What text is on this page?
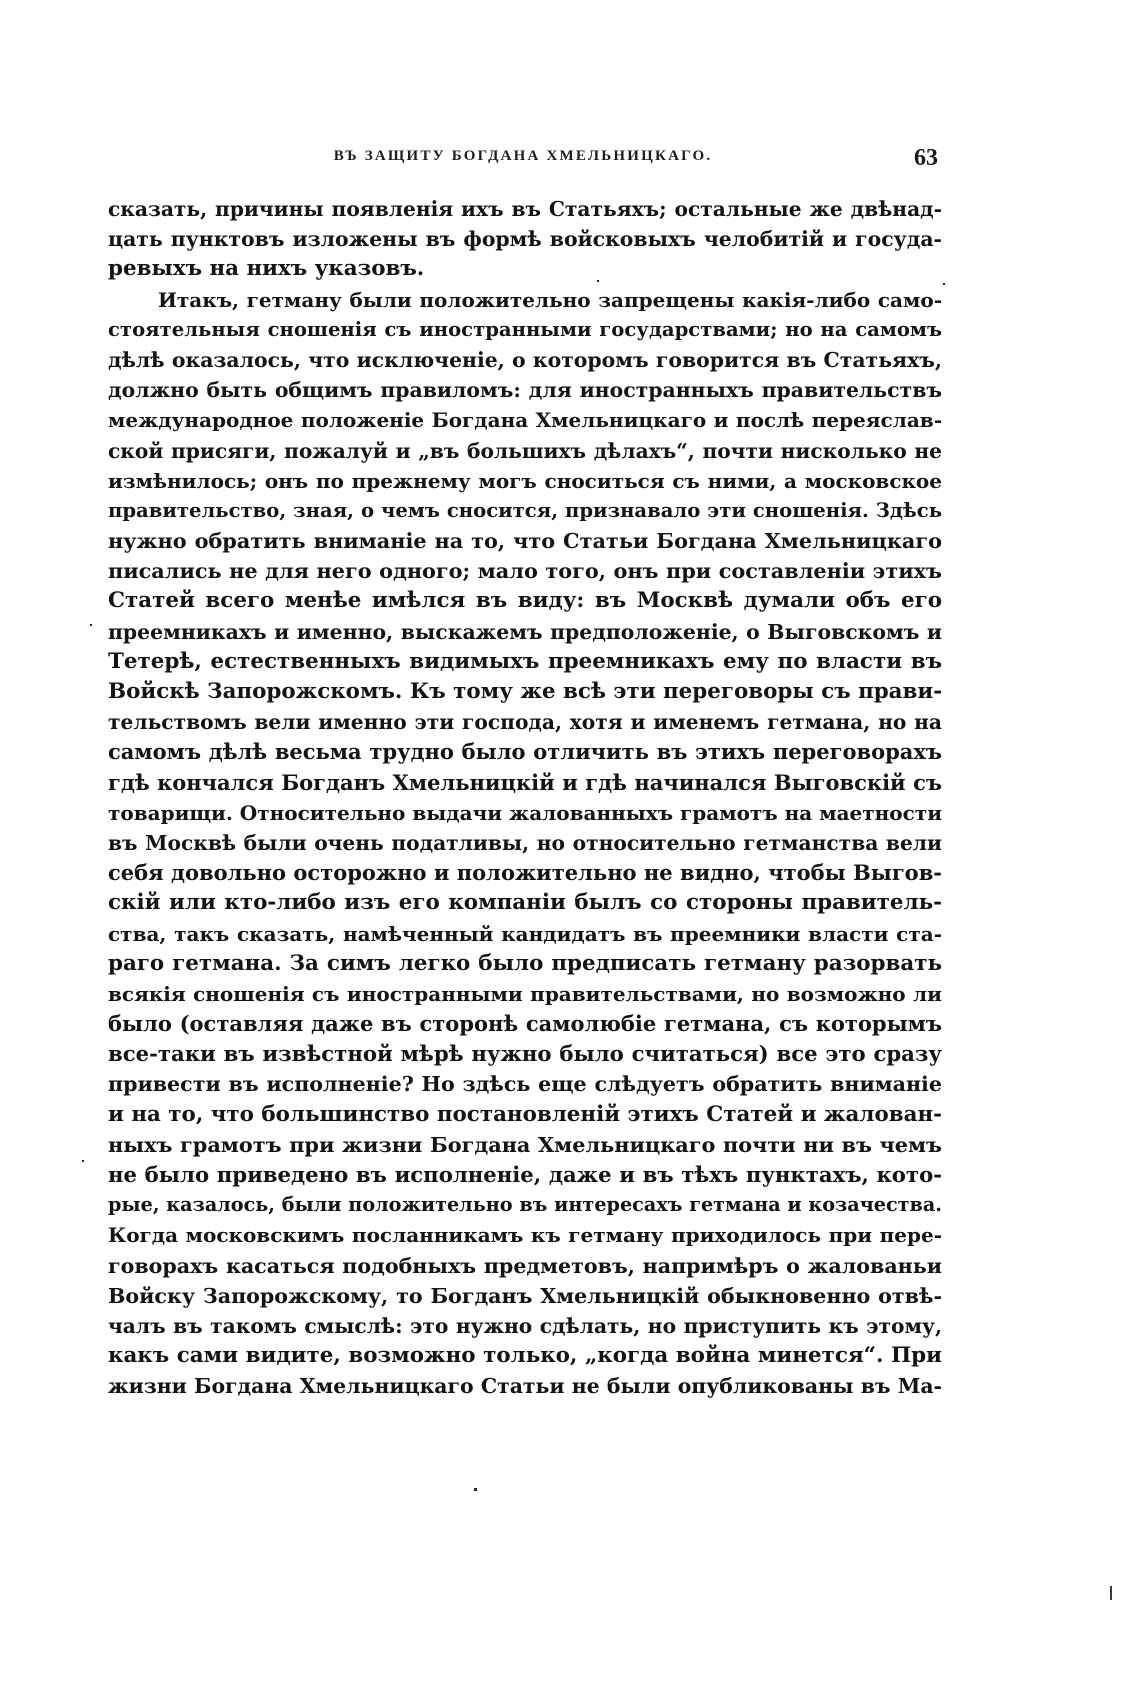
ВЪ ЗАЩИТУ БОГДАНА ХМЕЛЬНИЦКАГО.	63
сказать, причины появленія ихъ въ Статьяхъ; остальные же двѣнад-
цать пунктовъ изложены въ формѣ войсковыхъ челобитій и госуда-
ревыхъ на нихъ указовъ.
Итакъ, гетману были положительно запрещены какія-либо само-
стоятельныя сношенія съ иностранными государствами; но на самомъ
дѣлѣ оказалось, что исключеніе, о которомъ говорится въ Статьяхъ,
должно быть общимъ правиломъ: для иностранныхъ правительствъ
международное положеніе Богдана Хмельницкаго и послѣ переяслав-
ской присяги, пожалуй и „въ большихъ дѣлахъ“, почти нисколько не
измѣнилось; онъ по прежнему могъ сноситься съ ними, а московское
правительство, зная, о чемъ сносится, признавало эти сношенія. Здѣсь
нужно обратить вниманіе на то, что Статьи Богдана Хмельницкаго
писались не для него одного; мало того, онъ при составленіи этихъ
Статей всего менѣе имѣлся въ виду: въ Москвѣ думали объ его
преемникахъ и именно, выскажемъ предположеніе, о Выговскомъ и
Тетерѣ, естественныхъ видимыхъ преемникахъ ему по власти въ
Войскѣ Запорожскомъ. Къ тому же всѣ эти переговоры съ прави-
тельствомъ вели именно эти господа, хотя и именемъ гетмана, но на
самомъ дѣлѣ весьма трудно было отличить въ этихъ переговорахъ
гдѣ кончался Богданъ Хмельницкій и гдѣ начинался Выговскій съ
товарищи. Относительно выдачи жалованныхъ грамотъ на маетности
въ Москвѣ были очень податливы, но относительно гетманства вели
себя довольно осторожно и положительно не видно, чтобы Выгов-
скій или кто-либо изъ его компаніи былъ со стороны правитель-
ства, такъ сказать, намѣченный кандидатъ въ преемники власти ста-
раго гетмана. За симъ легко было предписать гетману разорвать
всякія сношенія съ иностранными правительствами, но возможно ли
было (оставляя даже въ сторонѣ самолюбіе гетмана, съ которымъ
все-таки въ извѣстной мѣрѣ нужно было считаться) все это сразу
привести въ исполненіе? Но здѣсь еще слѣдуетъ обратить вниманіе
и на то, что большинство постановленій этихъ Статей и жалован-
ныхъ грамотъ при жизни Богдана Хмельницкаго почти ни въ чемъ
не было приведено въ исполненіе, даже и въ тѣхъ пунктахъ, кото-
рые, казалось, были положительно въ интересахъ гетмана и козачества.
Когда московскимъ посланникамъ къ гетману приходилось при пере-
говорахъ касаться подобныхъ предметовъ, напримѣръ о жалованьи
Войску Запорожскому, то Богданъ Хмельницкій обыкновенно отвѣ-
чалъ въ такомъ смыслѣ: это нужно сдѣлать, но приступить къ этому,
какъ сами видите, возможно только, „когда война минется“. При
жизни Богдана Хмельницкаго Статьи не были опубликованы въ Ма-
